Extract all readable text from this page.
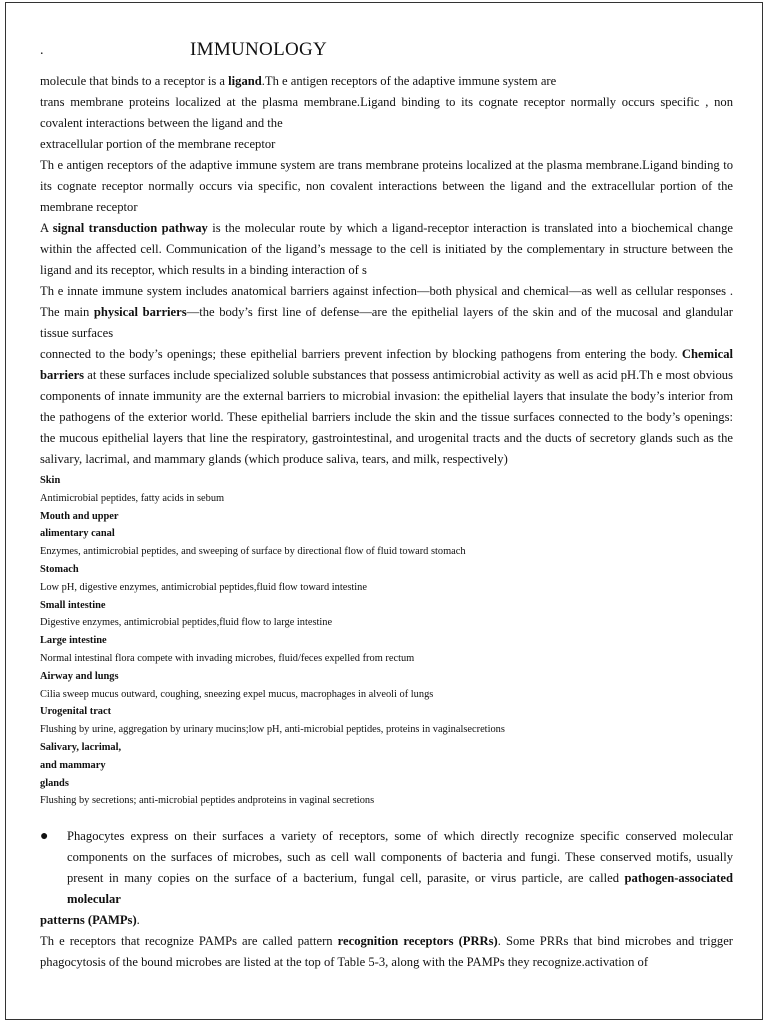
.	IMMUNOLOGY

molecule that binds to a receptor is a ligand.Th e antigen receptors of the adaptive immune system are

trans membrane proteins localized at the plasma membrane.Ligand binding to its cognate receptor normally occurs specific , non covalent interactions between the ligand and the

extracellular portion of the membrane receptor

Th e antigen receptors of the adaptive immune system are trans membrane proteins localized at the plasma membrane.Ligand binding to its cognate receptor normally occurs via specific, non covalent interactions between the ligand and the extracellular portion of the membrane receptor

A signal transduction pathway is the molecular route by which a ligand-receptor interaction is translated into a biochemical change within the affected cell. Communication of the ligand’s message to the cell is initiated by the complementary in structure between the ligand and its receptor, which results in a binding interaction of s

Th e innate immune system includes anatomical barriers against infection—both physical and chemical—as well as cellular responses . The main physical barriers—the body’s first line of defense—are the epithelial layers of the skin and of the mucosal and glandular tissue surfaces

connected to the body’s openings; these epithelial barriers prevent infection by blocking pathogens from entering the body. Chemical barriers at these surfaces include specialized soluble substances that possess antimicrobial activity as well as acid pH.Th e most obvious components of innate immunity are the external barriers to microbial invasion: the epithelial layers that insulate the body’s interior from the pathogens of the exterior world. These epithelial barriers include the skin and the tissue surfaces connected to the body’s openings: the mucous epithelial layers that line the respiratory, gastrointestinal, and urogenital tracts and the ducts of secretory glands such as the salivary, lacrimal, and mammary glands (which produce saliva, tears, and milk, respectively)

Skin

Antimicrobial peptides, fatty acids in sebum

Mouth and upper

alimentary canal

Enzymes, antimicrobial peptides, and sweeping of surface by directional flow of fluid toward stomach

Stomach

Low pH, digestive enzymes, antimicrobial peptides,fluid flow toward intestine

Small intestine

Digestive enzymes, antimicrobial peptides,fluid flow to large intestine

Large intestine

Normal intestinal flora compete with invading microbes, fluid/feces expelled from rectum

Airway and lungs

Cilia sweep mucus outward, coughing, sneezing expel mucus, macrophages in alveoli of lungs

Urogenital tract

Flushing by urine, aggregation by urinary mucins;low pH, anti-microbial peptides, proteins in vaginalsecretions

Salivary, lacrimal,

and mammary

glands

Flushing by secretions; anti-microbial peptides andproteins in vaginal secretions

● Phagocytes express on their surfaces a variety of receptors, some of which directly recognize specific conserved molecular components on the surfaces of microbes, such as cell wall components of bacteria and fungi. These conserved motifs, usually present in many copies on the surface of a bacterium, fungal cell, parasite, or virus particle, are called pathogen-associated molecular

patterns (PAMPs).

Th e receptors that recognize PAMPs are called pattern recognition receptors (PRRs). Some PRRs that bind microbes and trigger phagocytosis of the bound microbes are listed at the top of Table 5-3, along with the PAMPs they recognize.activation of
